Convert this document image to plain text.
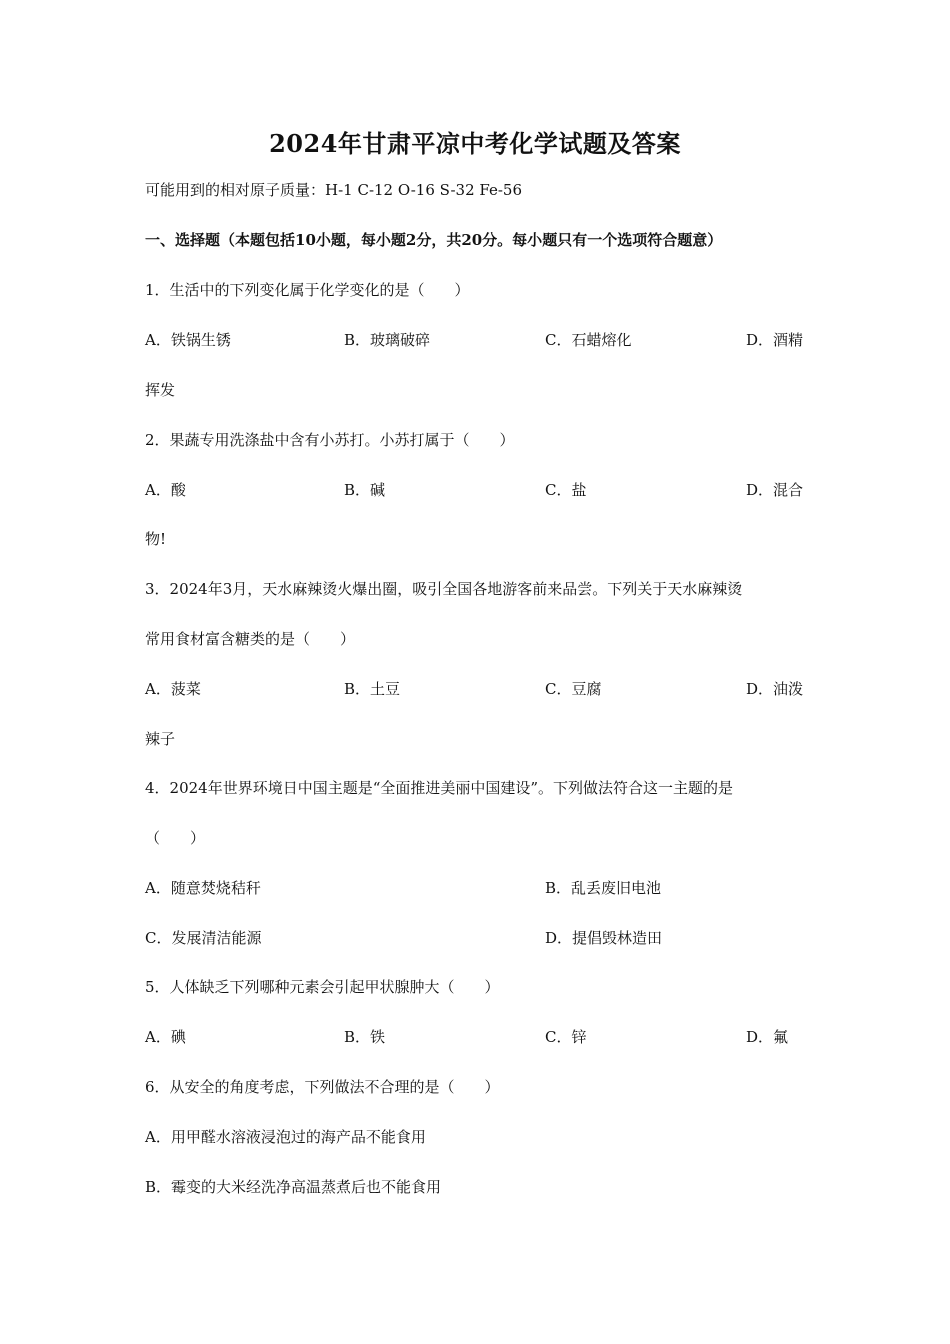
2024年甘肃平凉中考化学试题及答案
可能用到的相对原子质量：H-1 C-12 O-16 S-32 Fe-56
一、选择题（本题包括10小题，每小题2分，共20分。每小题只有一个选项符合题意）
1．生活中的下列变化属于化学变化的是（　　）
A．铁锅生锈	B．玻璃破碎	C．石蜡熔化	D．酒精
挥发
2．果蔬专用洗涤盐中含有小苏打。小苏打属于（　　）
A．酸	B．碱	C．盐	D．混合
物!
3．2024年3月，天水麻辣烫火爆出圈，吸引全国各地游客前来品尝。下列关于天水麻辣烫
常用食材富含糖类的是（　　）
A．菠菜	B．土豆	C．豆腐	D．油泼
辣子
4．2024年世界环境日中国主题是“全面推进美丽中国建设”。下列做法符合这一主题的是
（　　）
A．随意焚烧秸秆	B．乱丢废旧电池
C．发展清洁能源	D．提倡毁林造田
5．人体缺乏下列哪种元素会引起甲状腺肿大（　　）
A．碘	B．铁	C．锌	D．氟
6．从安全的角度考虑，下列做法不合理的是（　　）
A．用甲醛水溶液浸泡过的海产品不能食用
B．霉变的大米经洗净高温蒸煮后也不能食用
